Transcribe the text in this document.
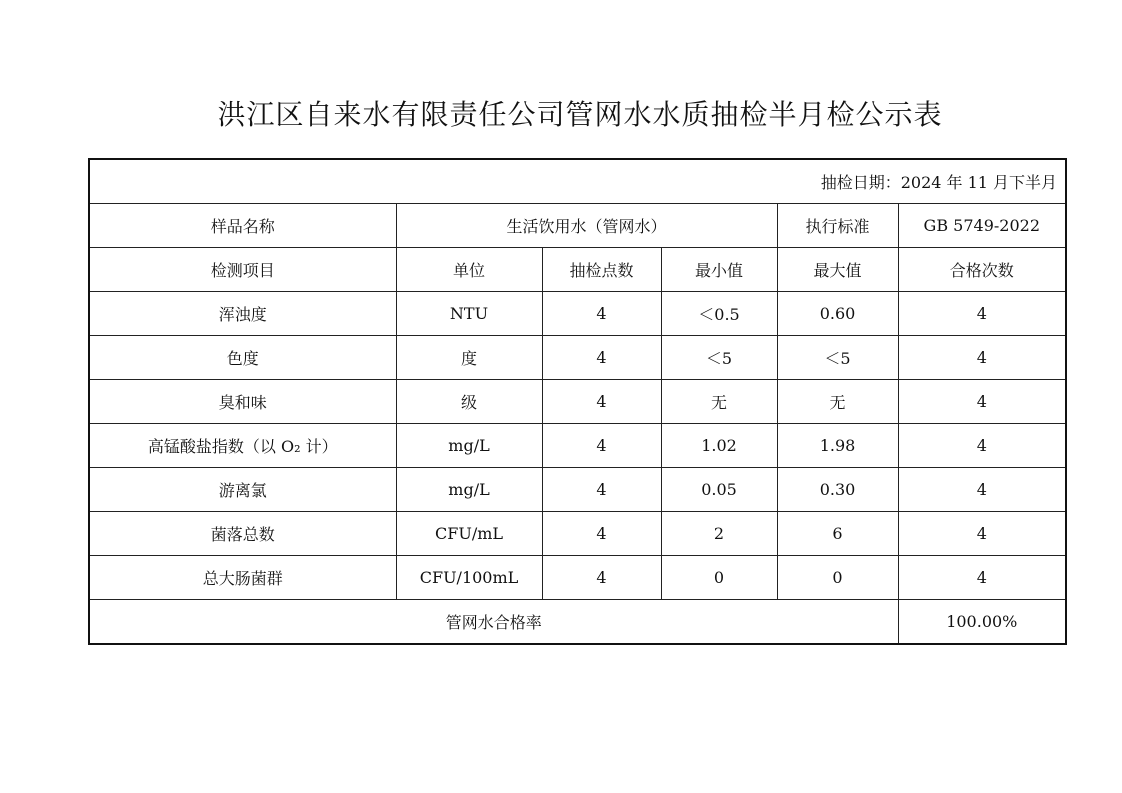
洪江区自来水有限责任公司管网水水质抽检半月检公示表
抽检日期：2024 年 11 月下半月					
样品名称	生活饮用水（管网水）			执行标准	GB 5749-2022
检测项目	单位	抽检点数	最小值	最大值	合格次数
浑浊度	NTU	4	＜0.5	0.60	4
色度	度	4	＜5	＜5	4
臭和味	级	4	无	无	4
高锰酸盐指数（以 O₂ 计）	mg/L	4	1.02	1.98	4
游离氯	mg/L	4	0.05	0.30	4
菌落总数	CFU/mL	4	2	6	4
总大肠菌群	CFU/100mL	4	0	0	4
管网水合格率					100.00%
